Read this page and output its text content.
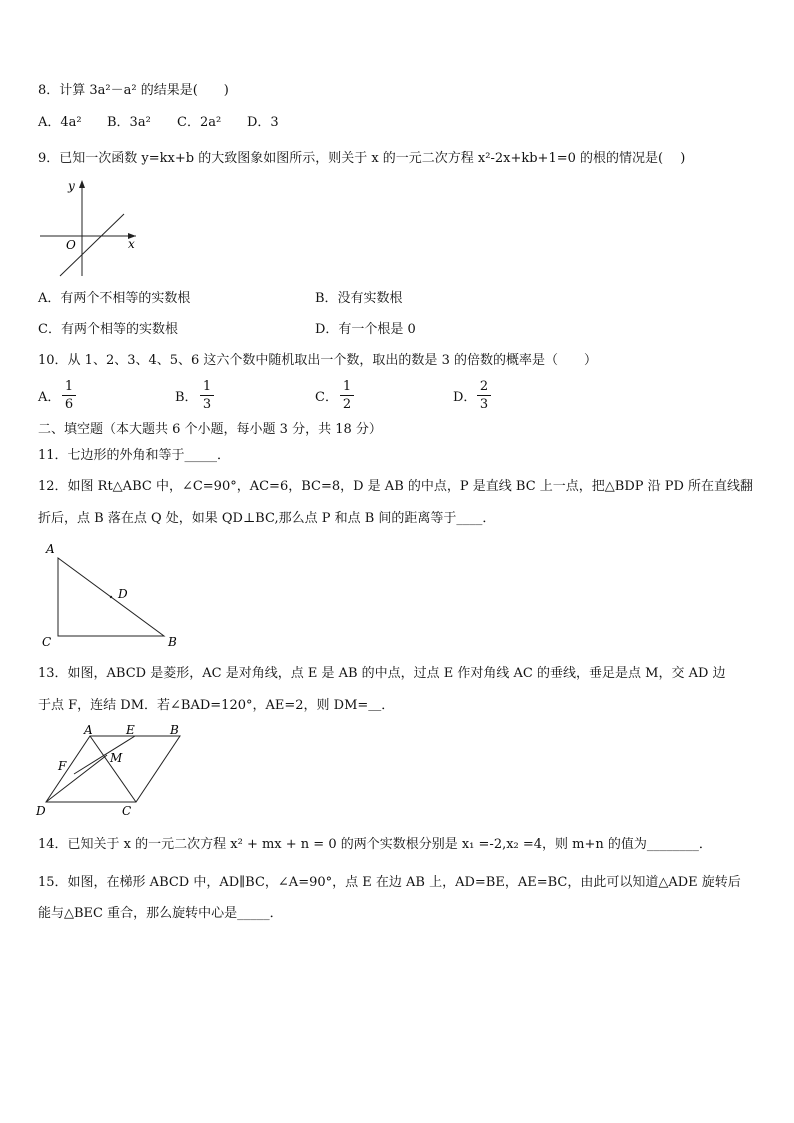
8．计算 3a²－a² 的结果是(　　)
A．4a² B．3a² C．2a² D．3
9．已知一次函数 y=kx+b 的大致图象如图所示，则关于 x 的一元二次方程 x²-2x+kb+1=0 的根的情况是(　 )
y
x
O
A．有两个不相等的实数根	B．没有实数根
C．有两个相等的实数根	D．有一个根是 0
10．从 1、2、3、4、5、6 这六个数中随机取出一个数，取出的数是 3 的倍数的概率是（　　）
A．
1
6	B．
1
3	C．
1
2	D．
2
3
二、填空题（本大题共 6 个小题，每小题 3 分，共 18 分）
11．七边形的外角和等于_____．
12．如图 Rt△ABC 中，∠C=90°，AC=6，BC=8，D 是 AB 的中点，P 是直线 BC 上一点，把△BDP 沿 PD 所在直线翻
折后，点 B 落在点 Q 处，如果 QD⊥BC,那么点 P 和点 B 间的距离等于____．
A
C	B
D
13．如图，ABCD 是菱形，AC 是对角线，点 E 是 AB 的中点，过点 E 作对角线 AC 的垂线，垂足是点 M，交 AD 边
于点 F，连结 DM．若∠BAD=120°，AE=2，则 DM=＿．
A	E	B
F
M
D	C
14．已知关于 x 的一元二次方程 x² + mx + n = 0 的两个实数根分别是 x₁ =-2,x₂ =4，则 m+n 的值为________．
15．如图，在梯形 ABCD 中，AD∥BC，∠A=90°，点 E 在边 AB 上，AD=BE，AE=BC，由此可以知道△ADE 旋转后
能与△BEC 重合，那么旋转中心是_____．
